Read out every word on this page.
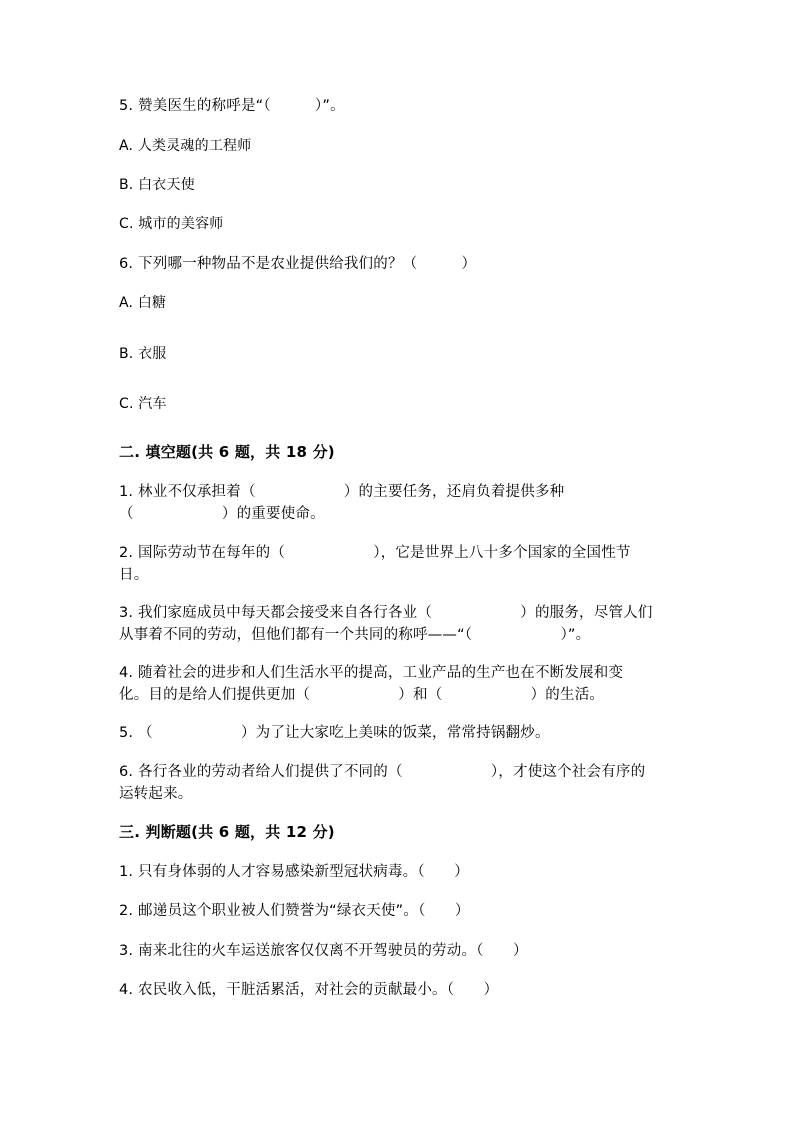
5. 赞美医生的称呼是“（　　　）”。
A. 人类灵魂的工程师
B. 白衣天使
C. 城市的美容师
6. 下列哪一种物品不是农业提供给我们的？（　　　）
A. 白糖
B. 衣服
C. 汽车
二. 填空题(共 6 题，共 18 分)
1. 林业不仅承担着（　　　　　　）的主要任务，还肩负着提供多种
（　　　　　　）的重要使命。
2. 国际劳动节在每年的（　　　　　　），它是世界上八十多个国家的全国性节
日。
3. 我们家庭成员中每天都会接受来自各行各业（　　　　　　）的服务，尽管人们
从事着不同的劳动，但他们都有一个共同的称呼——“（　　　　　　）”。
4. 随着社会的进步和人们生活水平的提高，工业产品的生产也在不断发展和变
化。目的是给人们提供更加（　　　　　　）和（　　　　　　）的生活。
5. （　　　　　　）为了让大家吃上美味的饭菜，常常持锅翻炒。
6. 各行各业的劳动者给人们提供了不同的（　　　　　　），才使这个社会有序的
运转起来。
三. 判断题(共 6 题，共 12 分)
1. 只有身体弱的人才容易感染新型冠状病毒。（　　）
2. 邮递员这个职业被人们赞誉为“绿衣天使”。（　　）
3. 南来北往的火车运送旅客仅仅离不开驾驶员的劳动。（　　）
4. 农民收入低，干脏活累活，对社会的贡献最小。（　　）
